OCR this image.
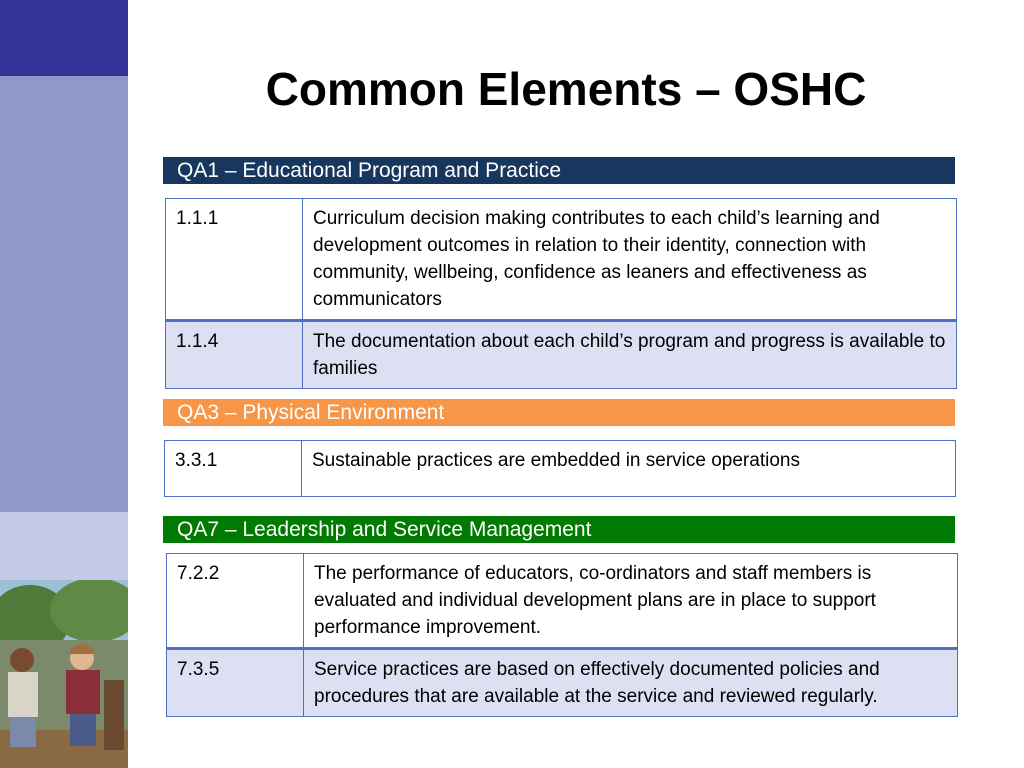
Common Elements – OSHC
QA1 – Educational Program and Practice
1.1.1	Curriculum decision making contributes to each child’s learning and development outcomes in relation to their identity, connection with community, wellbeing, confidence as leaners and effectiveness as communicators
1.1.4	The documentation about each child’s program and progress is available to families
QA3 – Physical Environment
3.3.1	Sustainable practices are embedded in service operations
QA7 – Leadership and Service Management
7.2.2	The performance of educators, co-ordinators and staff members is evaluated and individual development plans are in place to support performance improvement.
7.3.5	Service practices are based on effectively documented policies and procedures that are available at the service and reviewed regularly.
